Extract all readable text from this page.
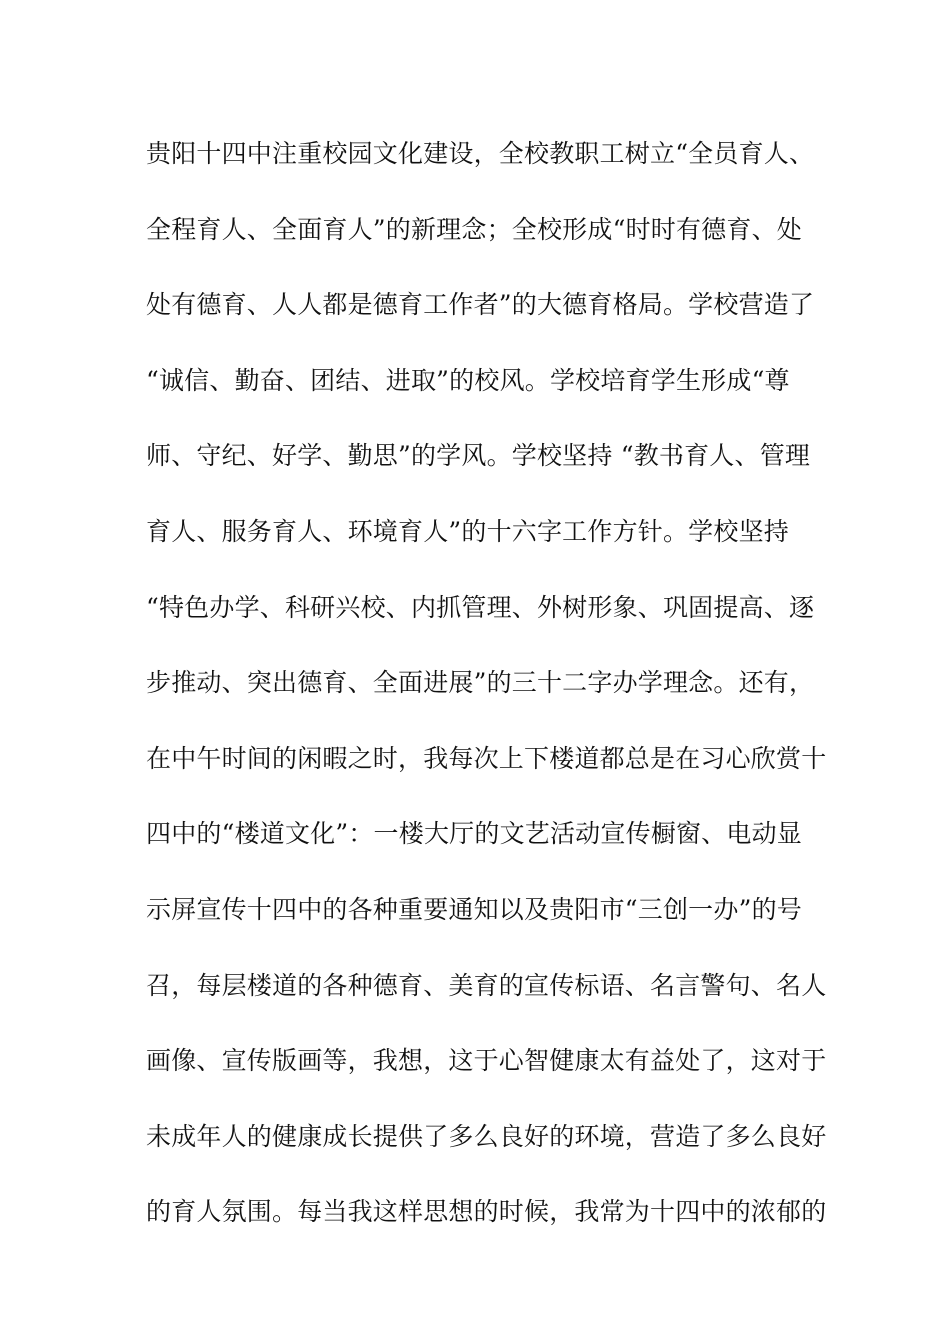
贵阳十四中注重校园文化建设，全校教职工树立“全员育人、
全程育人、全面育人”的新理念；全校形成“时时有德育、处
处有德育、人人都是德育工作者”的大德育格局。学校营造了
“诚信、勤奋、团结、进取”的校风。学校培育学生形成“尊
师、守纪、好学、勤思”的学风。学校坚持 “教书育人、管理
育人、服务育人、环境育人”的十六字工作方针。学校坚持
“特色办学、科研兴校、内抓管理、外树形象、巩固提高、逐
步推动、突出德育、全面进展”的三十二字办学理念。还有，
在中午时间的闲暇之时，我每次上下楼道都总是在习心欣赏十
四中的“楼道文化”：一楼大厅的文艺活动宣传橱窗、电动显
示屏宣传十四中的各种重要通知以及贵阳市“三创一办”的号
召，每层楼道的各种德育、美育的宣传标语、名言警句、名人
画像、宣传版画等，我想，这于心智健康太有益处了，这对于
未成年人的健康成长提供了多么良好的环境，营造了多么良好
的育人氛围。每当我这样思想的时候，我常为十四中的浓郁的
